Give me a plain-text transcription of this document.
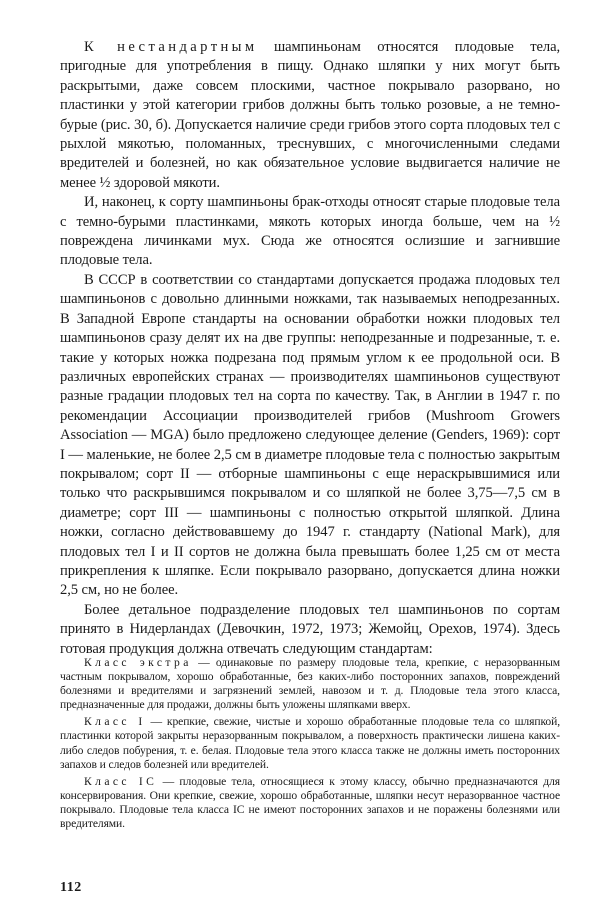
К нестандартным шампиньонам относятся плодовые тела, пригодные для употребления в пищу. Однако шляпки у них могут быть раскрытыми, даже совсем плоскими, частное покрывало разорвано, но пластинки у этой категории грибов должны быть только розовые, а не темно-бурые (рис. 30, б). Допускается наличие среди грибов этого сорта плодовых тел с рыхлой мякотью, поломанных, треснувших, с многочисленными следами вредителей и болезней, но как обязательное условие выдвигается наличие не менее ½ здоровой мякоти.

И, наконец, к сорту шампиньоны брак-отходы относят старые плодовые тела с темно-бурыми пластинками, мякоть которых иногда больше, чем на ½ повреждена личинками мух. Сюда же относятся ослизшие и загнившие плодовые тела.

В СССР в соответствии со стандартами допускается продажа плодовых тел шампиньонов с довольно длинными ножками, так называемых неподрезанных. В Западной Европе стандарты на основании обработки ножки плодовых тел шампиньонов сразу делят их на две группы: неподрезанные и подрезанные, т. е. такие у которых ножка подрезана под прямым углом к ее продольной оси. В различных европейских странах — производителях шампиньонов существуют разные градации плодовых тел на сорта по качеству. Так, в Англии в 1947 г. по рекомендации Ассоциации производителей грибов (Mushroom Growers Association — MGA) было предложено следующее деление (Genders, 1969): сорт I — маленькие, не более 2,5 см в диаметре плодовые тела с полностью закрытым покрывалом; сорт II — отборные шампиньоны с еще нераскрывшимися или только что раскрывшимся покрывалом и со шляпкой не более 3,75—7,5 см в диаметре; сорт III — шампиньоны с полностью открытой шляпкой. Длина ножки, согласно действовавшему до 1947 г. стандарту (National Mark), для плодовых тел I и II сортов не должна была превышать более 1,25 см от места прикрепления к шляпке. Если покрывало разорвано, допускается длина ножки 2,5 см, но не более.

Более детальное подразделение плодовых тел шампиньонов по сортам принято в Нидерландах (Девочкин, 1972, 1973; Жемойц, Орехов, 1974). Здесь готовая продукция должна отвечать следующим стандартам:

Класс экстра — одинаковые по размеру плодовые тела, крепкие, с неразорванным частным покрывалом, хорошо обработанные, без каких-либо посторонних запахов, повреждений болезнями и вредителями и загрязнений землей, навозом и т. д. Плодовые тела этого класса, предназначенные для продажи, должны быть уложены шляпками вверх.

Класс I — крепкие, свежие, чистые и хорошо обработанные плодовые тела со шляпкой, пластинки которой закрыты неразорванным покрывалом, а поверхность практически лишена каких-либо следов побурения, т. е. белая. Плодовые тела этого класса также не должны иметь посторонних запахов и следов болезней или вредителей.

Класс IC — плодовые тела, относящиеся к этому классу, обычно предназначаются для консервирования. Они крепкие, свежие, хорошо обработанные, шляпки несут неразорванное частное покрывало. Плодовые тела класса IC не имеют посторонних запахов и не поражены болезнями или вредителями.

112
